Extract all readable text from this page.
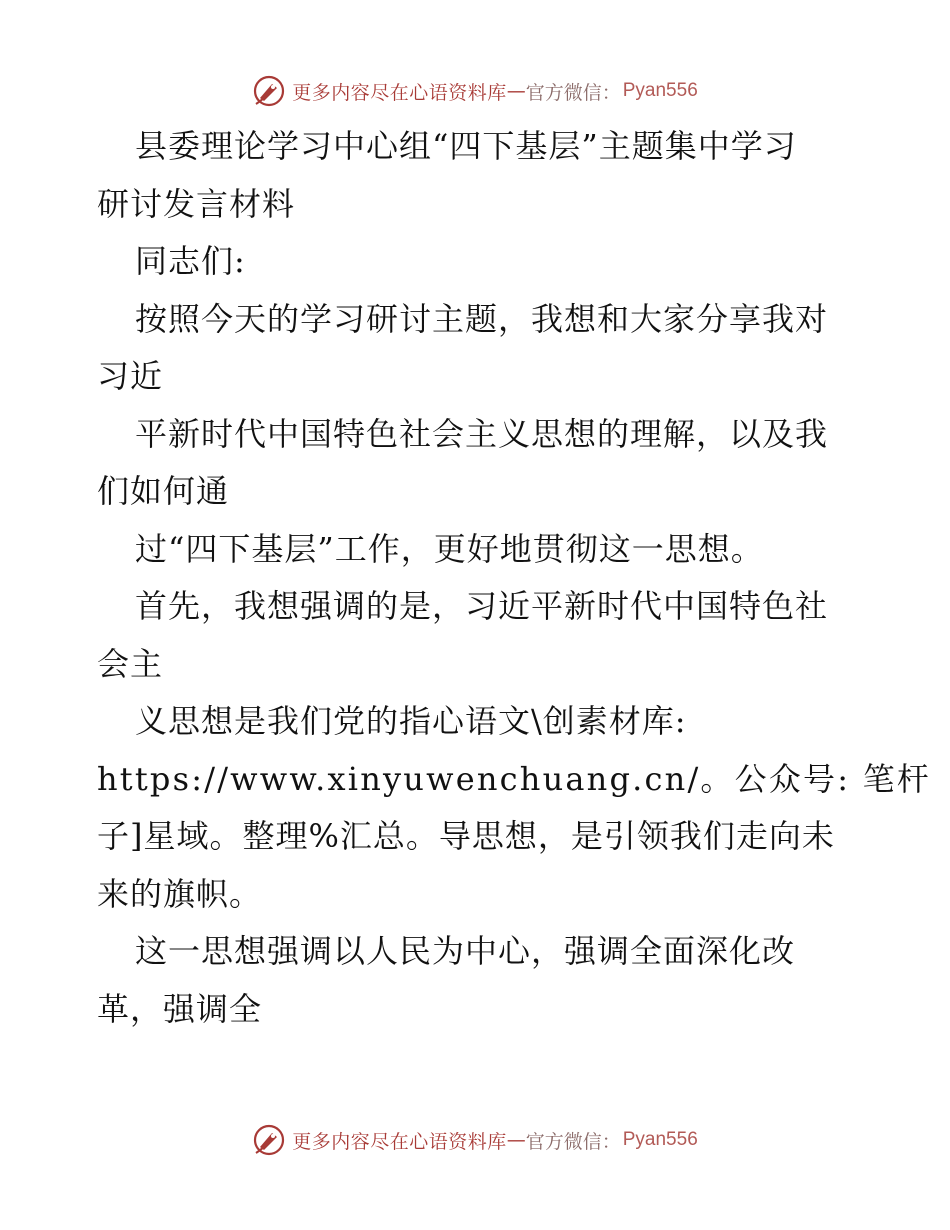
更多内容尽在心语资料库 — 官方微信： Pyan556
县委理论学习中心组“四下基层”主题集中学习
研讨发言材料
同志们:
按照今天的学习研讨主题，我想和大家分享我对
习近
平新时代中国特色社会主义思想的理解，以及我
们如何通
过“四下基层”工作，更好地贯彻这一思想。
首先，我想强调的是，习近平新时代中国特色社
会主
义思想是我们党的指心语文\创素材库:
https://www.xinyuwenchuang.cn/。公众号: 笔杆
子]星域。整理%汇总。导思想，是引领我们走向未
来的旗帜。
这一思想强调以人民为中心，强调全面深化改
革，强调全
更多内容尽在心语资料库 — 官方微信： Pyan556
